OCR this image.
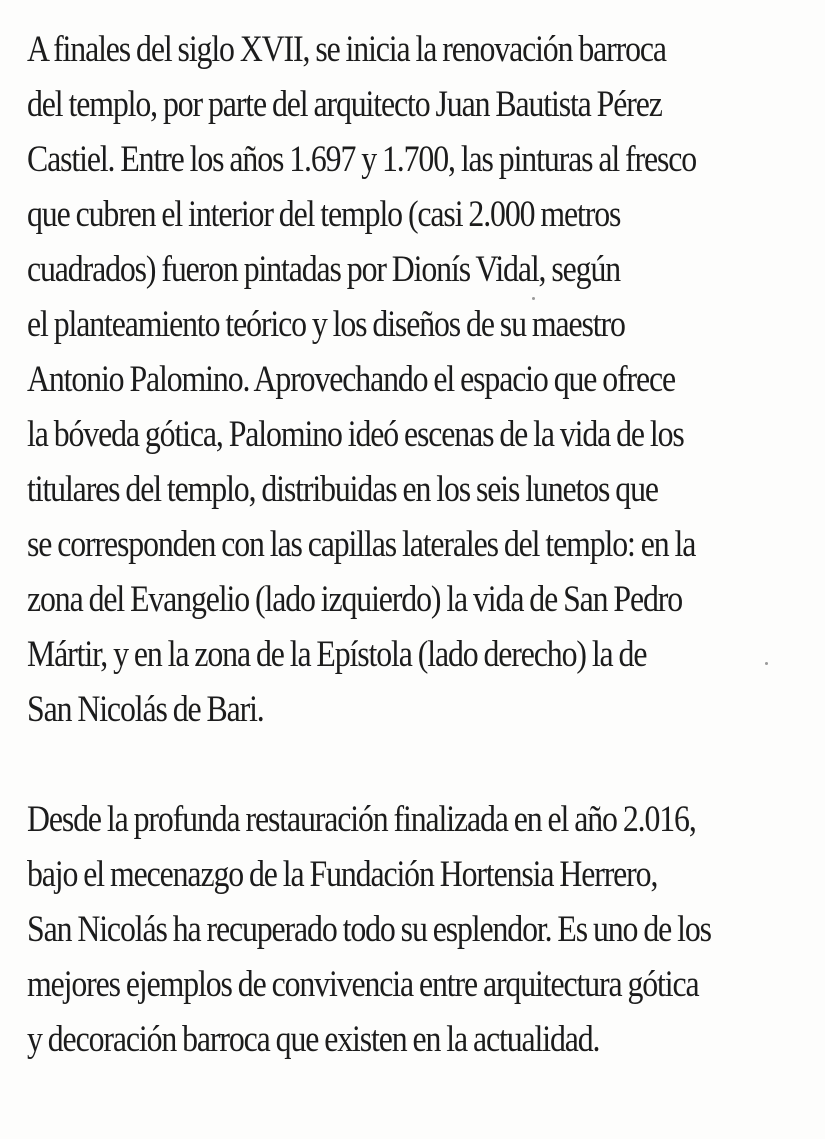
A finales del siglo XVII, se inicia la renovación barroca
del templo, por parte del arquitecto Juan Bautista Pérez
Castiel. Entre los años 1.697 y 1.700, las pinturas al fresco
que cubren el interior del templo (casi 2.000 metros
cuadrados) fueron pintadas por Dionís Vidal, según
el planteamiento teórico y los diseños de su maestro
Antonio Palomino. Aprovechando el espacio que ofrece
la bóveda gótica, Palomino ideó escenas de la vida de los
titulares del templo, distribuidas en los seis lunetos que
se corresponden con las capillas laterales del templo: en la
zona del Evangelio (lado izquierdo) la vida de San Pedro
Mártir, y en la zona de la Epístola (lado derecho) la de
San Nicolás de Bari.

Desde la profunda restauración finalizada en el año 2.016,
bajo el mecenazgo de la Fundación Hortensia Herrero,
San Nicolás ha recuperado todo su esplendor. Es uno de los
mejores ejemplos de convivencia entre arquitectura gótica
y decoración barroca que existen en la actualidad.
